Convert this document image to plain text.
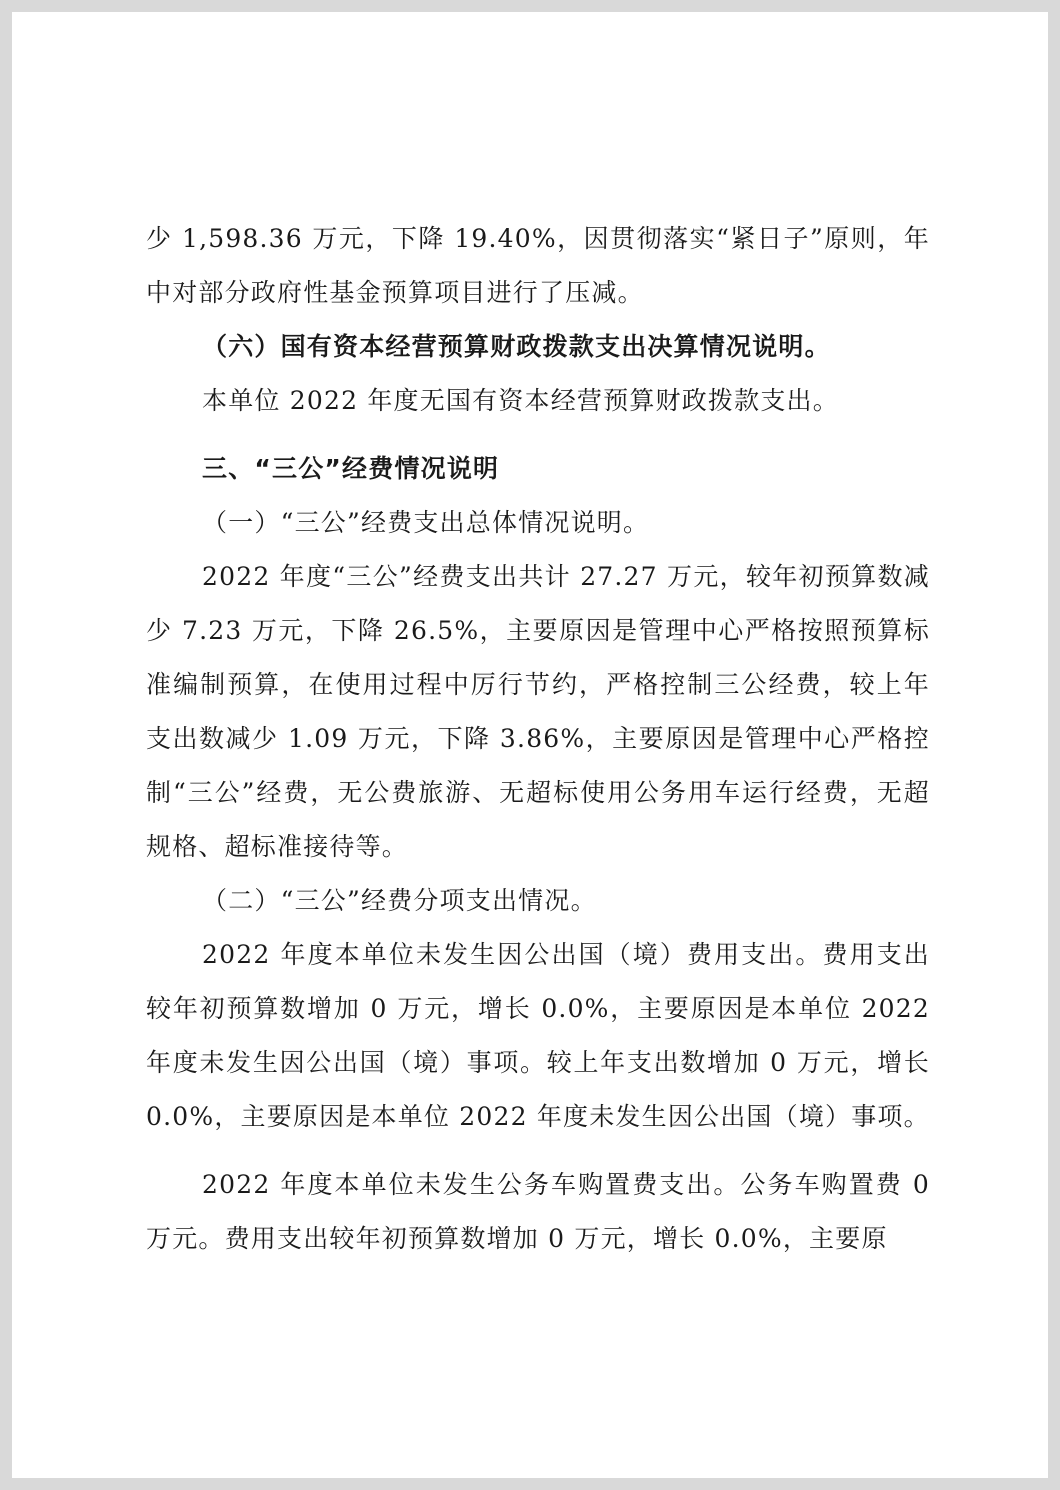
少 1,598.36 万元，下降 19.40%，因贯彻落实“紧日子”原则，年中对部分政府性基金预算项目进行了压减。

（六）国有资本经营预算财政拨款支出决算情况说明。

本单位 2022 年度无国有资本经营预算财政拨款支出。

三、“三公”经费情况说明

（一）“三公”经费支出总体情况说明。

2022 年度“三公”经费支出共计 27.27 万元，较年初预算数减少 7.23 万元，下降 26.5%，主要原因是管理中心严格按照预算标准编制预算，在使用过程中厉行节约，严格控制三公经费，较上年支出数减少 1.09 万元，下降 3.86%，主要原因是管理中心严格控制“三公”经费，无公费旅游、无超标使用公务用车运行经费，无超规格、超标准接待等。

（二）“三公”经费分项支出情况。

2022 年度本单位未发生因公出国（境）费用支出。费用支出较年初预算数增加 0 万元，增长 0.0%，主要原因是本单位 2022 年度未发生因公出国（境）事项。较上年支出数增加 0 万元，增长 0.0%，主要原因是本单位 2022 年度未发生因公出国（境）事项。

2022 年度本单位未发生公务车购置费支出。公务车购置费 0 万元。费用支出较年初预算数增加 0 万元，增长 0.0%，主要原
